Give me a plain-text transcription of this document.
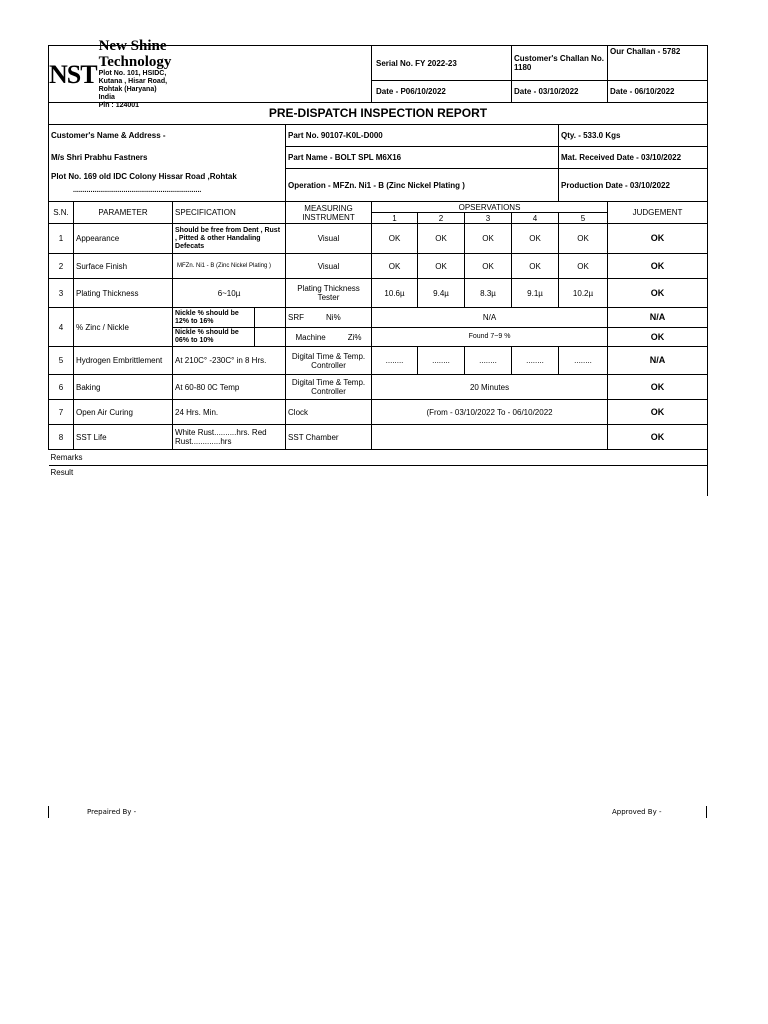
NST
New Shine Technology
Plot No. 101, HSIDC, Kutana , Hisar Road,
Rohtak (Haryana) India
Pin : 124001					Serial No. FY 2022-23			Customer's Challan No. 1180		Our Challan - 5782
					Date - P06/10/2022			Date - 03/10/2022		Date - 06/10/2022
PRE-DISPATCH INSPECTION REPORT										
Customer's Name & Address -				Part No. 90107-K0L-D000					Qty. - 533.0 Kgs	
M/s Shri Prabhu Fastners				Part Name - BOLT SPL M6X16					Mat. Received Date - 03/10/2022	
Plot No. 169 old IDC Colony Hissar Road ,Rohtak
..................................................................				Operation - MFZn. Ni1 - B (Zinc Nickel Plating )					Production Date - 03/10/2022	
S.N.	PARAMETER	SPECIFICATION		MEASURING INSTRUMENT	OPSERVATIONS					JUDGEMENT
					1	2	3	4	5	
1	Appearance	Should be free from Dent , Rust , Pitted & other Handaling Defecats		Visual	OK	OK	OK	OK	OK	OK
2	Surface Finish	MFZn. Ni1 - B (Zinc Nickel Plating )		Visual	OK	OK	OK	OK	OK	OK
3	Plating Thickness	6~10µ		Plating Thickness Tester	10.6µ	9.4µ	8.3µ	9.1µ	10.2µ	OK
4	% Zinc / Nickle	Nickle % should be 12% to 16%		SRF Ni%	N/A					N/A
		Nickle % should be 06% to 10%		Machine Zi%	Found 7~9 %					OK
5	Hydrogen Embrittlement	At 210C° -230C° in 8 Hrs.		Digital Time & Temp. Controller	........	........	........	........	........	N/A
6	Baking	At 60-80 0C Temp		Digital Time & Temp. Controller	20 Minutes					OK
7	Open Air Curing	24 Hrs. Min.		Clock	(From - 03/10/2022 To - 06/10/2022					OK
8	SST Life	White Rust..........hrs. Red Rust.............hrs		SST Chamber						OK
Remarks										
Result										
Prepaired By -	Approved By -
